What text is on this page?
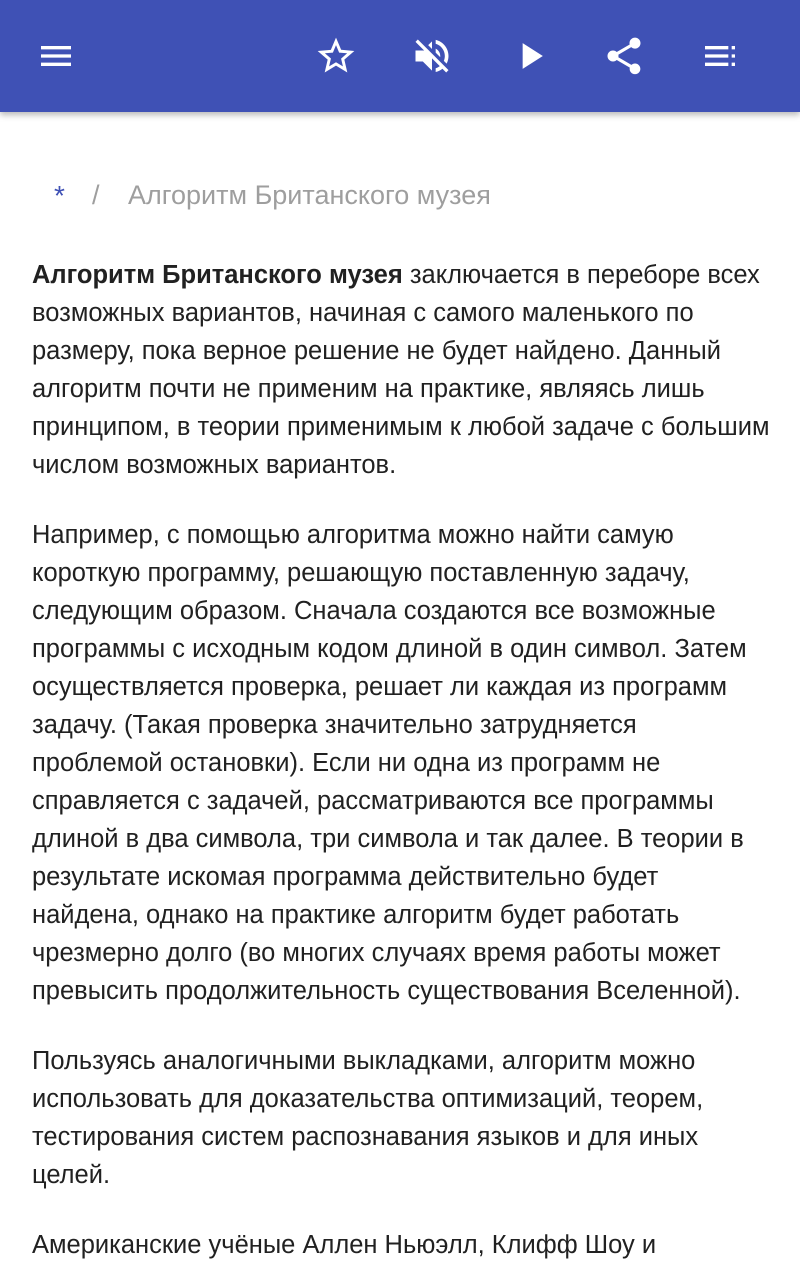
* / Алгоритм Британского музея

Алгоритм Британского музея заключается в переборе всех возможных вариантов, начиная с самого маленького по размеру, пока верное решение не будет найдено. Данный алгоритм почти не применим на практике, являясь лишь принципом, в теории применимым к любой задаче с большим числом возможных вариантов.

Например, с помощью алгоритма можно найти самую короткую программу, решающую поставленную задачу, следующим образом. Сначала создаются все возможные программы с исходным кодом длиной в один символ. Затем осуществляется проверка, решает ли каждая из программ задачу. (Такая проверка значительно затрудняется проблемой остановки). Если ни одна из программ не справляется с задачей, рассматриваются все программы длиной в два символа, три символа и так далее. В теории в результате искомая программа действительно будет найдена, однако на практике алгоритм будет работать чрезмерно долго (во многих случаях время работы может превысить продолжительность существования Вселенной).

Пользуясь аналогичными выкладками, алгоритм можно использовать для доказательства оптимизаций, теорем, тестирования систем распознавания языков и для иных целей.

Американские учёные Аллен Ньюэлл, Клифф Шоу и
